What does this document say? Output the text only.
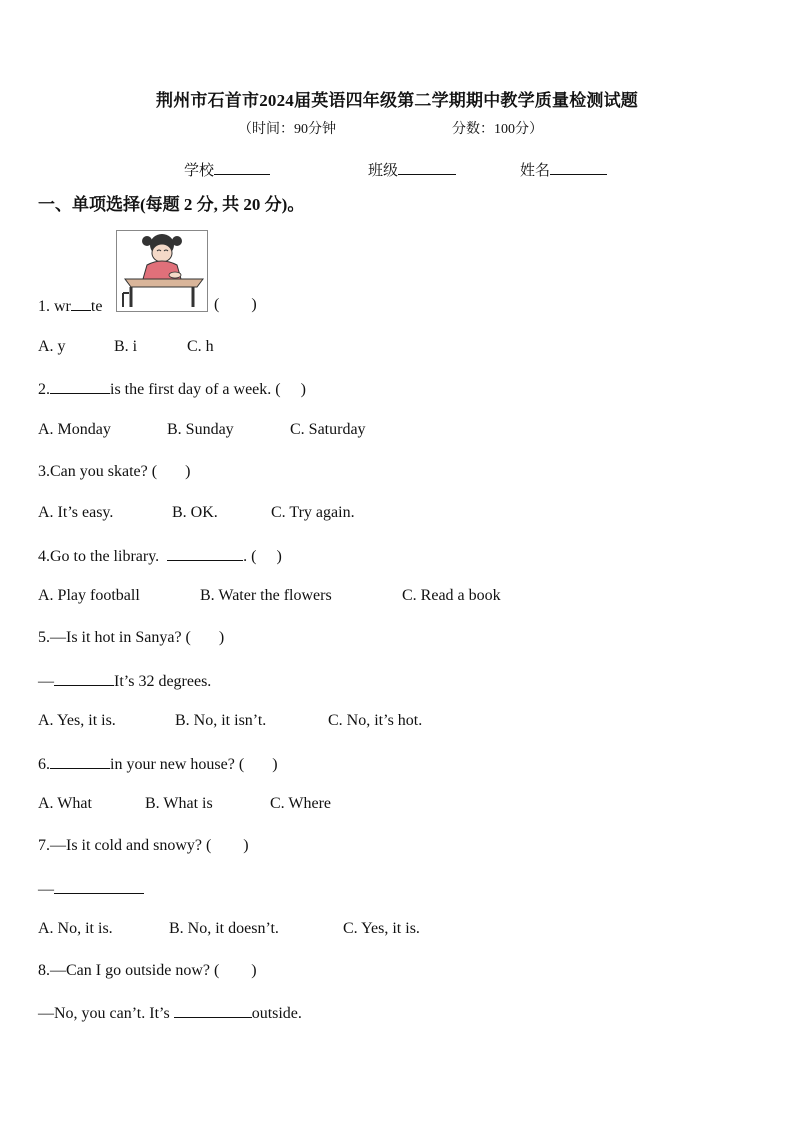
荆州市石首市2024届英语四年级第二学期期中教学质量检测试题
（时间：90分钟	分数：100分）
学校	班级	姓名
一、单项选择(每题 2 分, 共 20 分)。
1. wr te	(        )
A. y	B. i	C. h
2.	is the first day of a week. (     )
A. Monday	B. Sunday	C. Saturday
3.Can you skate? (       )
A. It’s easy.	B. OK.	C. Try again.
4.Go to the library.	. (     )
A. Play football	B. Water the flowers	C. Read a book
5.—Is it hot in Sanya? (       )
—	It’s 32 degrees.
A. Yes, it is.	B. No, it isn’t.	C. No, it’s hot.
6.	in your new house? (       )
A. What	B. What is	C. Where
7.—Is it cold and snowy? (        )
—
A. No, it is.	B. No, it doesn’t.	C. Yes, it is.
8.—Can I go outside now? (        )
—No, you can’t. It’s	outside.
